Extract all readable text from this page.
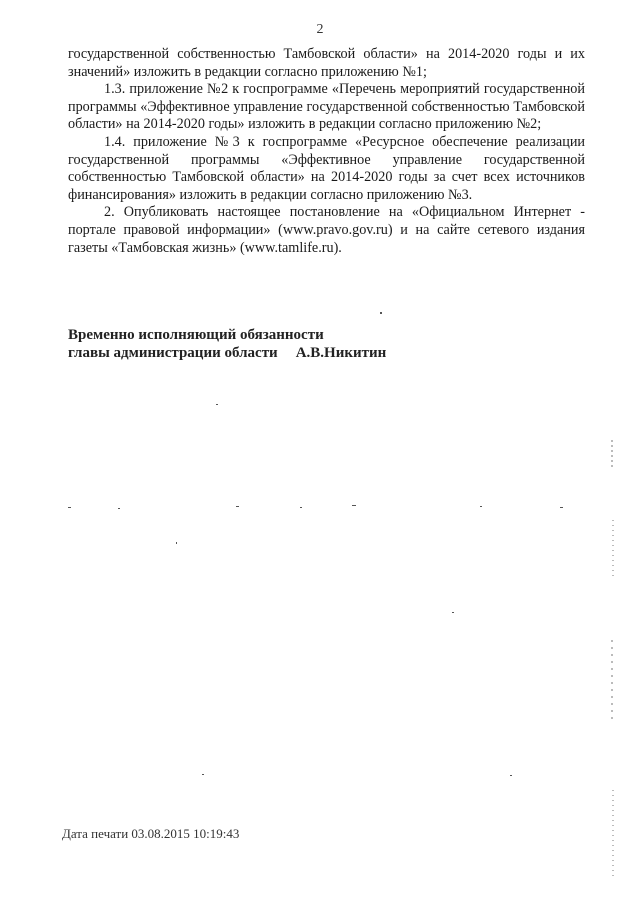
2

государственной собственностью Тамбовской области» на 2014-2020 годы и их значений» изложить в редакции согласно приложению №1;

1.3. приложение №2 к госпрограмме «Перечень мероприятий государственной программы «Эффективное управление государственной собственностью Тамбовской области» на 2014-2020 годы» изложить в редакции согласно приложению №2;

1.4. приложение №3 к госпрограмме «Ресурсное обеспечение реализации государственной программы «Эффективное управление государственной собственностью Тамбовской области» на 2014-2020 годы за счет всех источников финансирования» изложить в редакции согласно приложению №3.

2. Опубликовать настоящее постановление на «Официальном Интернет - портале правовой информации» (www.pravo.gov.ru) и на сайте сетевого издания газеты «Тамбовская жизнь» (www.tamlife.ru).

Временно исполняющий обязанности
главы администрации области А.В.Никитин
Дата печати 03.08.2015 10:19:43
